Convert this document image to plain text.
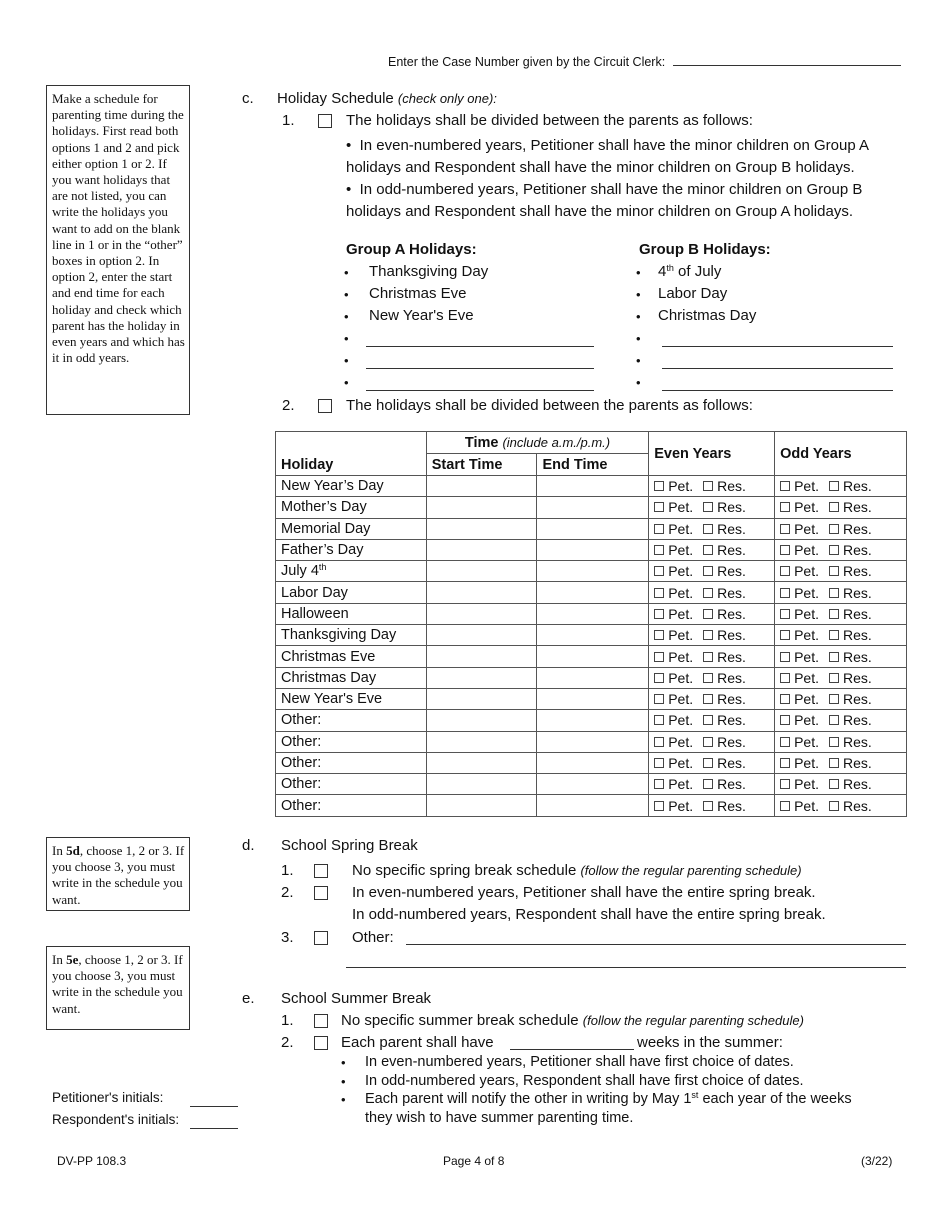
Enter the Case Number given by the Circuit Clerk:
Make a schedule for parenting time during the holidays. First read both options 1 and 2 and pick either option 1 or 2. If you want holidays that are not listed, you can write the holidays you want to add on the blank line in 1 or in the “other” boxes in option 2. In option 2, enter the start and end time for each holiday and check which parent has the holiday in even years and which has it in odd years.
In 5d, choose 1, 2 or 3. If you choose 3, you must write in the schedule you want.
In 5e, choose 1, 2 or 3. If you choose 3, you must write in the schedule you want.
Petitioner's initials:
Respondent's initials:
c. Holiday Schedule (check only one):
1.	The holidays shall be divided between the parents as follows:
•  In even-numbered years, Petitioner shall have the minor children on Group A
holidays and Respondent shall have the minor children on Group B holidays.
•  In odd-numbered years, Petitioner shall have the minor children on Group B
holidays and Respondent shall have the minor children on Group A holidays.
Group A Holidays:
• Thanksgiving Day
• Christmas Eve
• New Year's Eve
•
•
•
Group B Holidays:
• 4th of July
• Labor Day
• Christmas Day
•
•
•
2.	The holidays shall be divided between the parents as follows:
Holiday	Time (include a.m./p.m.)		Even Years	Odd Years
	Start Time	End Time		
New Year’s Day			Pet. Res.	Pet. Res.
Mother’s Day			Pet. Res.	Pet. Res.
Memorial Day			Pet. Res.	Pet. Res.
Father’s Day			Pet. Res.	Pet. Res.
July 4th			Pet. Res.	Pet. Res.
Labor Day			Pet. Res.	Pet. Res.
Halloween			Pet. Res.	Pet. Res.
Thanksgiving Day			Pet. Res.	Pet. Res.
Christmas Eve			Pet. Res.	Pet. Res.
Christmas Day			Pet. Res.	Pet. Res.
New Year's Eve			Pet. Res.	Pet. Res.
Other:			Pet. Res.	Pet. Res.
Other:			Pet. Res.	Pet. Res.
Other:			Pet. Res.	Pet. Res.
Other:			Pet. Res.	Pet. Res.
Other:			Pet. Res.	Pet. Res.
d. School Spring Break
1.	No specific spring break schedule (follow the regular parenting schedule)
2.	In even-numbered years, Petitioner shall have the entire spring break.
In odd-numbered years, Respondent shall have the entire spring break.
3.	Other:
e. School Summer Break
1.	No specific summer break schedule (follow the regular parenting schedule)
2.	Each parent shall have	weeks in the summer:
• In even-numbered years, Petitioner shall have first choice of dates.
• In odd-numbered years, Respondent shall have first choice of dates.
• Each parent will notify the other in writing by May 1st each year of the weeks
they wish to have summer parenting time.
DV-PP 108.3	Page 4 of 8	(3/22)
